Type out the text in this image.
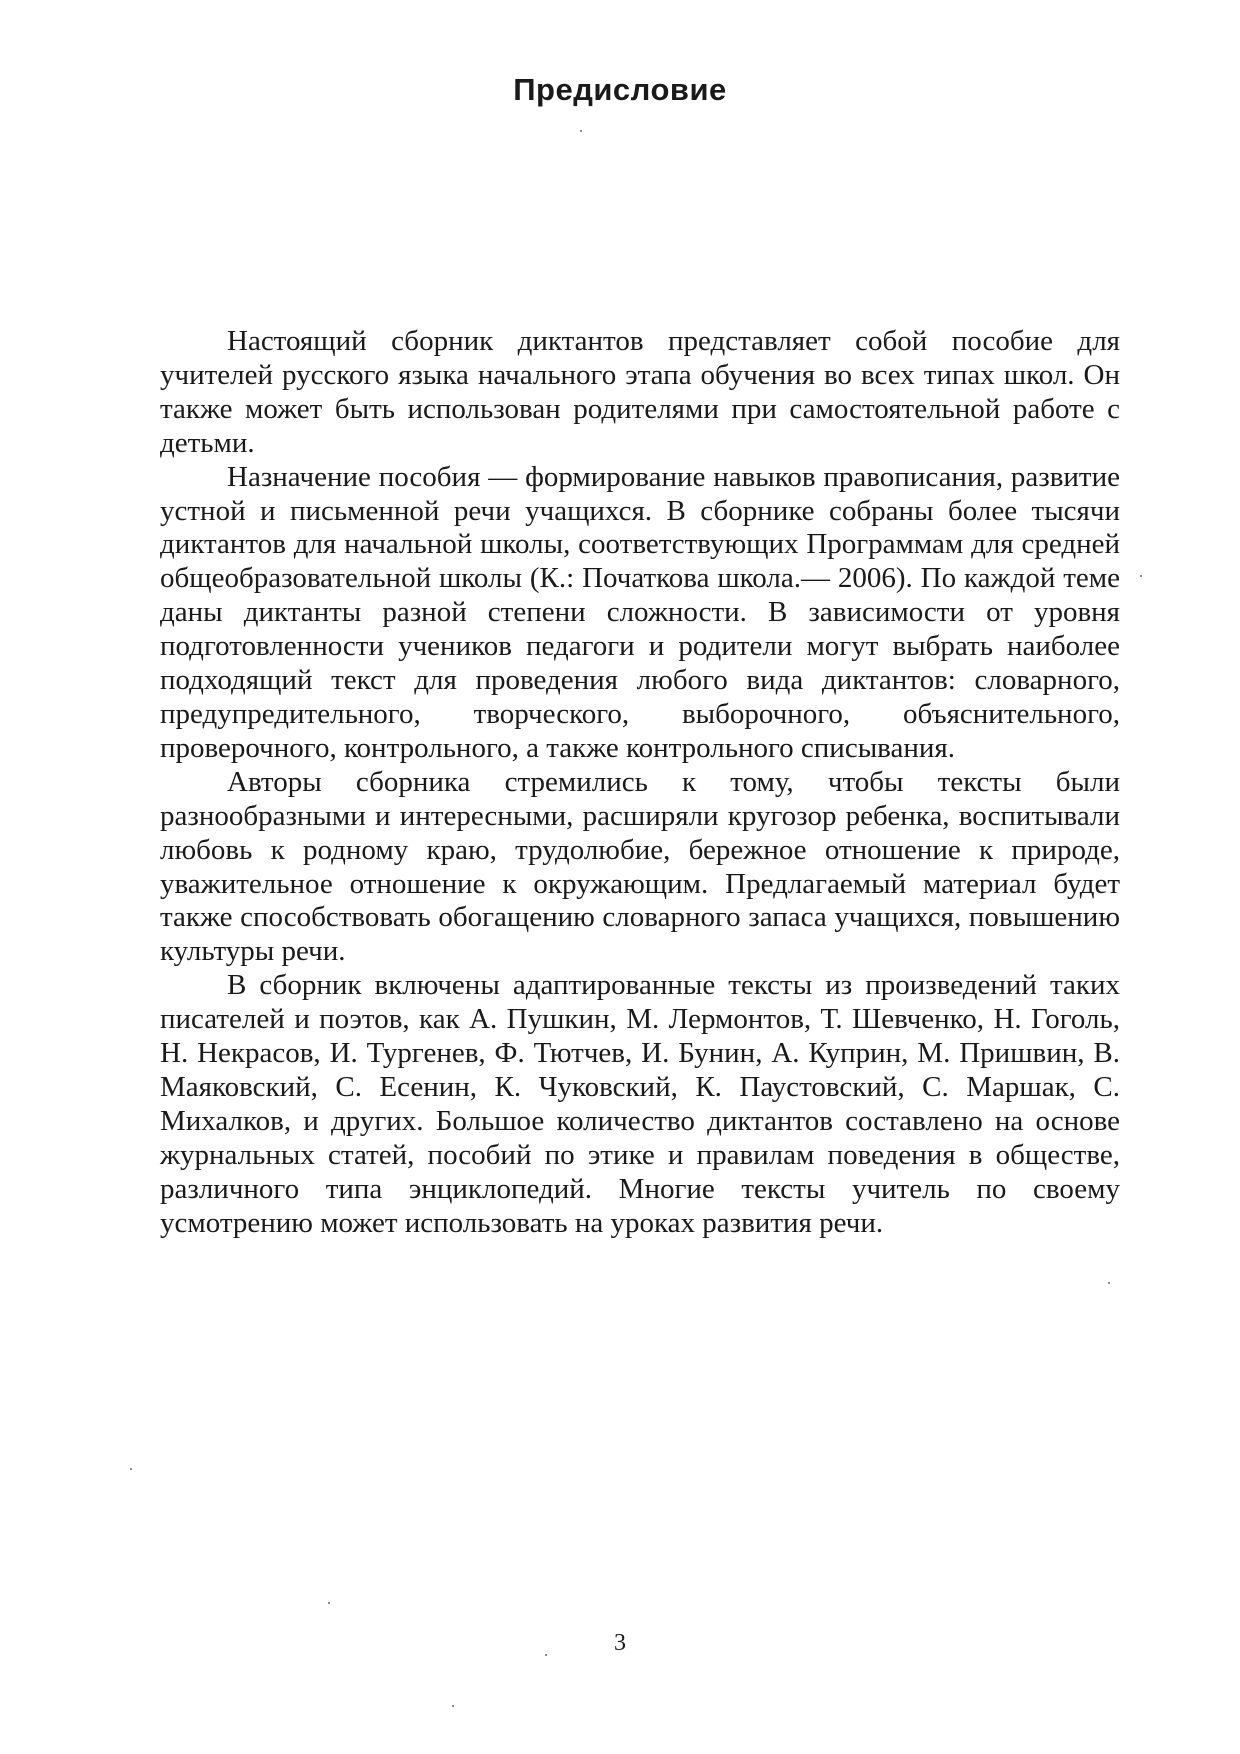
Предисловие

Настоящий сборник диктантов представляет собой пособие для учителей русского языка начального этапа обучения во всех типах школ. Он также может быть использован родителями при самостоятельной работе с детьми.

Назначение пособия — формирование навыков правописания, развитие устной и письменной речи учащихся. В сборнике собраны более тысячи диктантов для начальной школы, соответствующих Программам для средней общеобразовательной школы (К.: Початкова школа.— 2006). По каждой теме даны диктанты разной степени сложности. В зависимости от уровня подготовленности учеников педагоги и родители могут выбрать наиболее подходящий текст для проведения любого вида диктантов: словарного, предупредительного, творческого, выборочного, объяснительного, проверочного, контрольного, а также контрольного списывания.

Авторы сборника стремились к тому, чтобы тексты были разнообразными и интересными, расширяли кругозор ребенка, воспитывали любовь к родному краю, трудолюбие, бережное отношение к природе, уважительное отношение к окружающим. Предлагаемый материал будет также способствовать обогащению словарного запаса учащихся, повышению культуры речи.

В сборник включены адаптированные тексты из произведений таких писателей и поэтов, как А. Пушкин, М. Лермонтов, Т. Шевченко, Н. Гоголь, Н. Некрасов, И. Тургенев, Ф. Тютчев, И. Бунин, А. Куприн, М. Пришвин, В. Маяковский, С. Есенин, К. Чуковский, К. Паустовский, С. Маршак, С. Михалков, и других. Большое количество диктантов составлено на основе журнальных статей, пособий по этике и правилам поведения в обществе, различного типа энциклопедий. Многие тексты учитель по своему усмотрению может использовать на уроках развития речи.

3
